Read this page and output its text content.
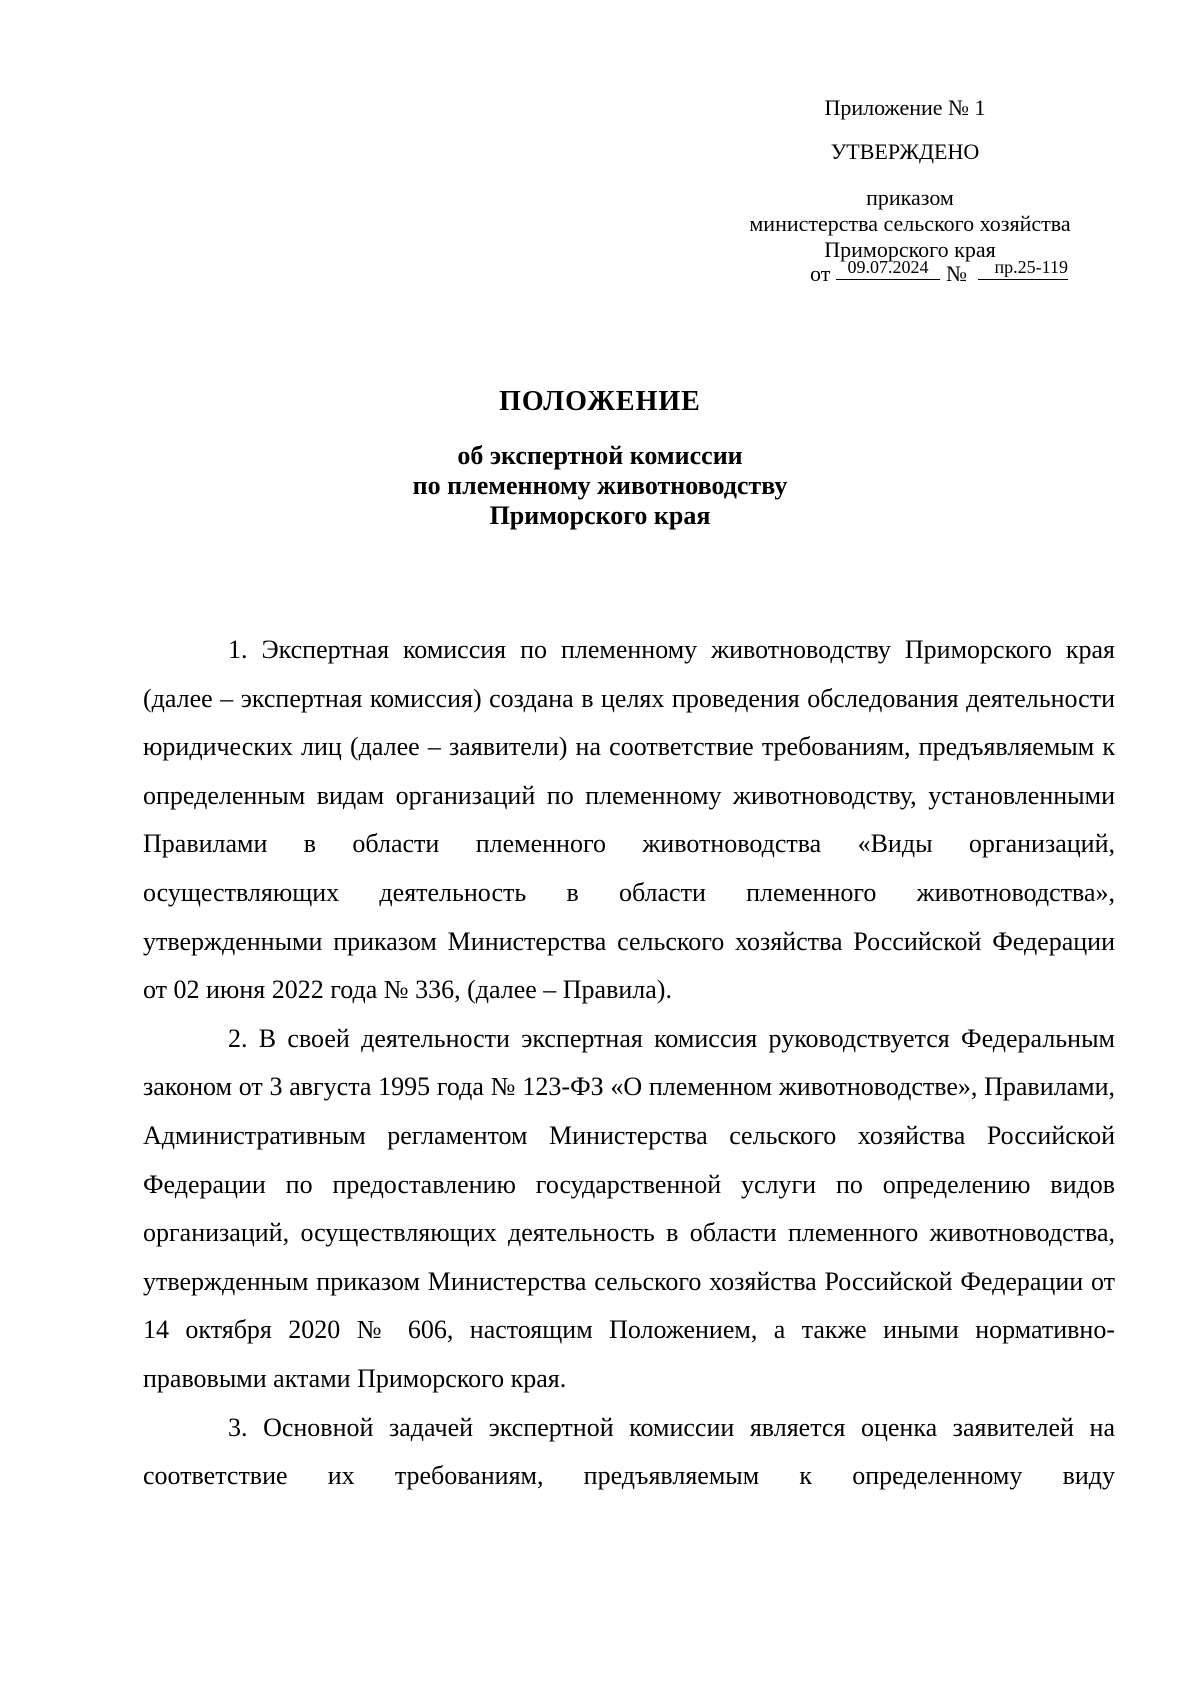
Приложение № 1
УТВЕРЖДЕНО
приказом
министерства сельского хозяйства
Приморского края
от 09.07.2024 №	пр.25-119
ПОЛОЖЕНИЕ
об экспертной комиссии
по племенному животноводству
Приморского края

1. Экспертная комиссия по племенному животноводству Приморского края (далее – экспертная комиссия) создана в целях проведения обследования деятельности юридических лиц (далее – заявители) на соответствие требованиям, предъявляемым к определенным видам организаций по племенному животноводству, установленными Правилами в области племенного животноводства «Виды организаций, осуществляющих деятельность в области племенного животноводства», утвержденными приказом Министерства сельского хозяйства Российской Федерации от 02 июня 2022 года № 336, (далее – Правила).

2. В своей деятельности экспертная комиссия руководствуется Федеральным законом от 3 августа 1995 года № 123-ФЗ «О племенном животноводстве», Правилами, Административным регламентом Министерства сельского хозяйства Российской Федерации по предоставлению государственной услуги по определению видов организаций, осуществляющих деятельность в области племенного животноводства, утвержденным приказом Министерства сельского хозяйства Российской Федерации от 14 октября 2020 № 606, настоящим Положением, а также иными нормативно-правовыми актами Приморского края.

3. Основной задачей экспертной комиссии является оценка заявителей на соответствие их требованиям, предъявляемым к определенному виду
